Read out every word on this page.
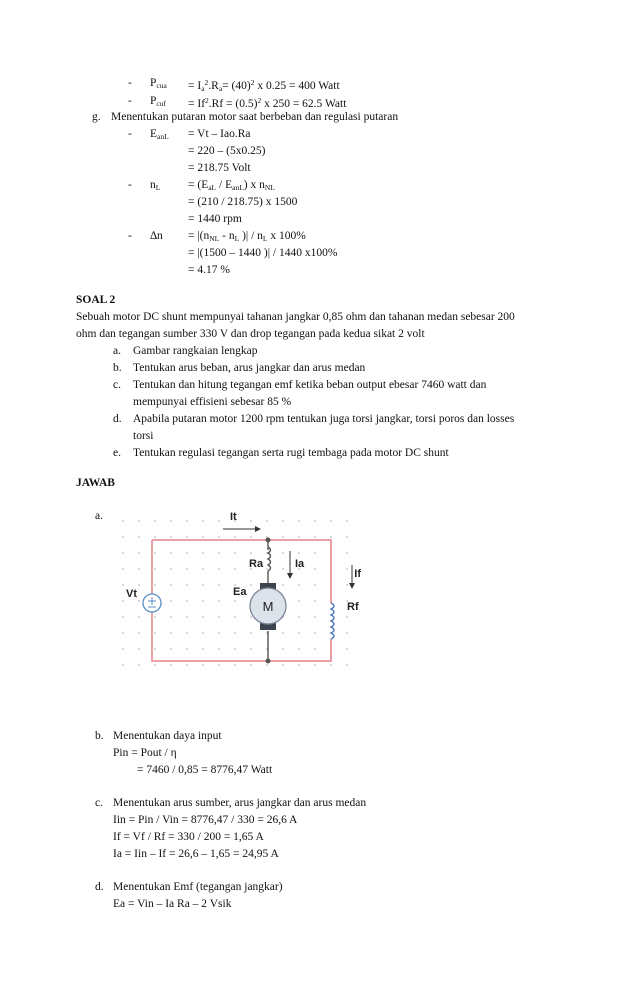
- $P_{cua} = I_a^2.R_a= (40)^2$ x 0.25 = 400 Watt
- $P_{cuf} = If^2.Rf = (0.5)^2$ x 250 = 62.5 Watt
g. Menentukan putaran motor saat berbeban dan regulasi putaran
- $E_{anL} = Vt - Iao.Ra$
= 220 – (5x0.25)
= 218.75 Volt
- $n_L = (E_{aL} / E_{anL})$ x $n_{NL}$
= (210 / 218.75) x 1500
= 1440 rpm
- $\Delta n = |(n_{NL} - n_L$ )| / $n_L$ x 100%
= |(1500 – 1440 )| / 1440 x100%
= 4.17 %
SOAL 2
Sebuah motor DC shunt mempunyai tahanan jangkar 0,85 ohm dan tahanan medan sebesar 200
ohm dan tegangan sumber 330 V dan drop tegangan pada kedua sikat 2 volt
a. Gambar rangkaian lengkap
b. Tentukan arus beban, arus jangkar dan arus medan
c. Tentukan dan hitung tegangan emf ketika beban output ebesar 7460 watt dan
mempunyai effisieni sebesar 85 %
d. Apabila putaran motor 1200 rpm tentukan juga torsi jangkar, torsi poros dan losses
torsi
e. Tentukan regulasi tegangan serta rugi tembaga pada motor DC shunt
JAWAB
a.
M
It
Ra	Ia
If
Vt	Ea
Rf
b. Menentukan daya input
Pin = Pout / η
= 7460 / 0,85 = 8776,47 Watt
c. Menentukan arus sumber, arus jangkar dan arus medan
Iin = Pin / Vin = 8776,47 / 330 = 26,6 A
If = Vf / Rf = 330 / 200 = 1,65 A
Ia = Iin – If = 26,6 – 1,65 = 24,95 A
d. Menentukan Emf (tegangan jangkar)
Ea = Vin – Ia Ra – 2 Vsik
